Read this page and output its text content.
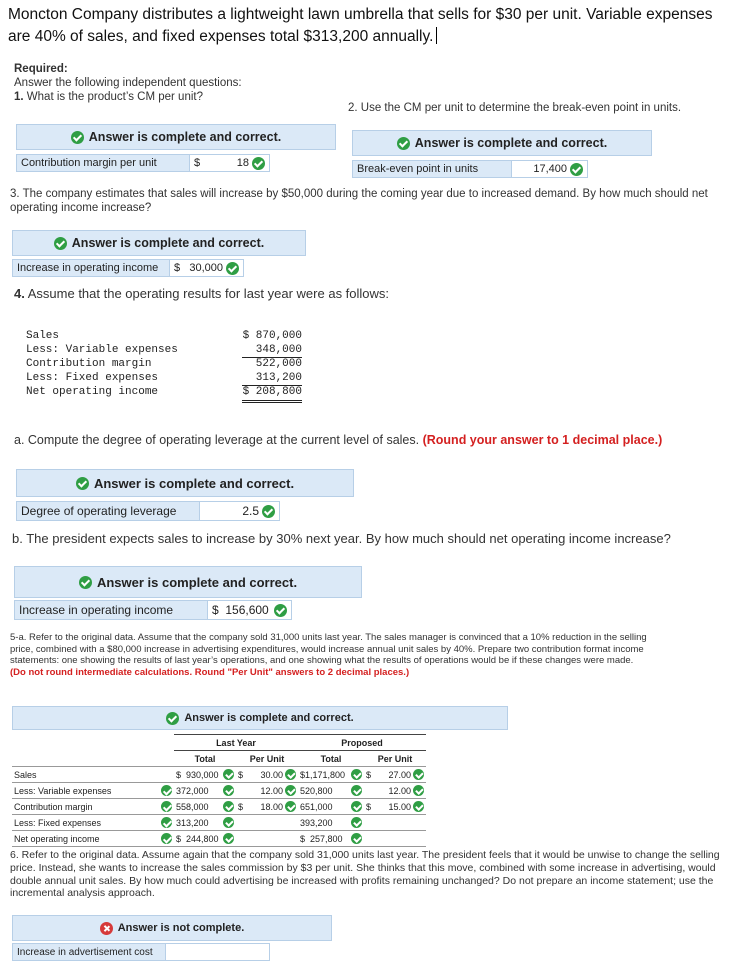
Moncton Company distributes a lightweight lawn umbrella that sells for $30 per unit. Variable expenses are 40% of sales, and fixed expenses total $313,200 annually.
Required:
Answer the following independent questions:
1. What is the product’s CM per unit?
2. Use the CM per unit to determine the break-even point in units.
Answer is complete and correct.
Contribution margin per unit	$	18
Answer is complete and correct.
Break-even point in units	17,400
3. The company estimates that sales will increase by $50,000 during the coming year due to increased demand. By how much should net operating income increase?
Answer is complete and correct.
Increase in operating income	$ 30,000
4. Assume that the operating results for last year were as follows:
Sales	$ 870,000
Less: Variable expenses	348,000
Contribution margin	522,000
Less: Fixed expenses	313,200
Net operating income	$ 208,800
a. Compute the degree of operating leverage at the current level of sales. (Round your answer to 1 decimal place.)
Answer is complete and correct.
Degree of operating leverage	2.5
b. The president expects sales to increase by 30% next year. By how much should net operating income increase?
Answer is complete and correct.
Increase in operating income	$  156,600
5-a. Refer to the original data. Assume that the company sold 31,000 units last year. The sales manager is convinced that a 10% reduction in the selling price, combined with a $80,000 increase in advertising expenditures, would increase annual unit sales by 40%. Prepare two contribution format income statements: one showing the results of last year’s operations, and one showing what the results of operations would be if these changes were made. (Do not round intermediate calculations. Round "Per Unit" answers to 2 decimal places.)
Answer is complete and correct.
		Last Year		Proposed	
		Total	Per Unit	Total	Per Unit
Sales		$  930,000	$ 30.00	$1,171,800	$ 27.00

Less: Variable expenses		372,000	12.00	520,800	12.00

Contribution margin		558,000	$ 18.00	651,000	$ 15.00

Less: Fixed expenses		313,200		393,200	

Net operating income		$  244,800		$  257,800	

6. Refer to the original data. Assume again that the company sold 31,000 units last year. The president feels that it would be unwise to change the selling price. Instead, she wants to increase the sales commission by $3 per unit. She thinks that this move, combined with some increase in advertising, would double annual unit sales. By how much could advertising be increased with profits remaining unchanged? Do not prepare an income statement; use the incremental analysis approach.
Answer is not complete.
Increase in advertisement cost
